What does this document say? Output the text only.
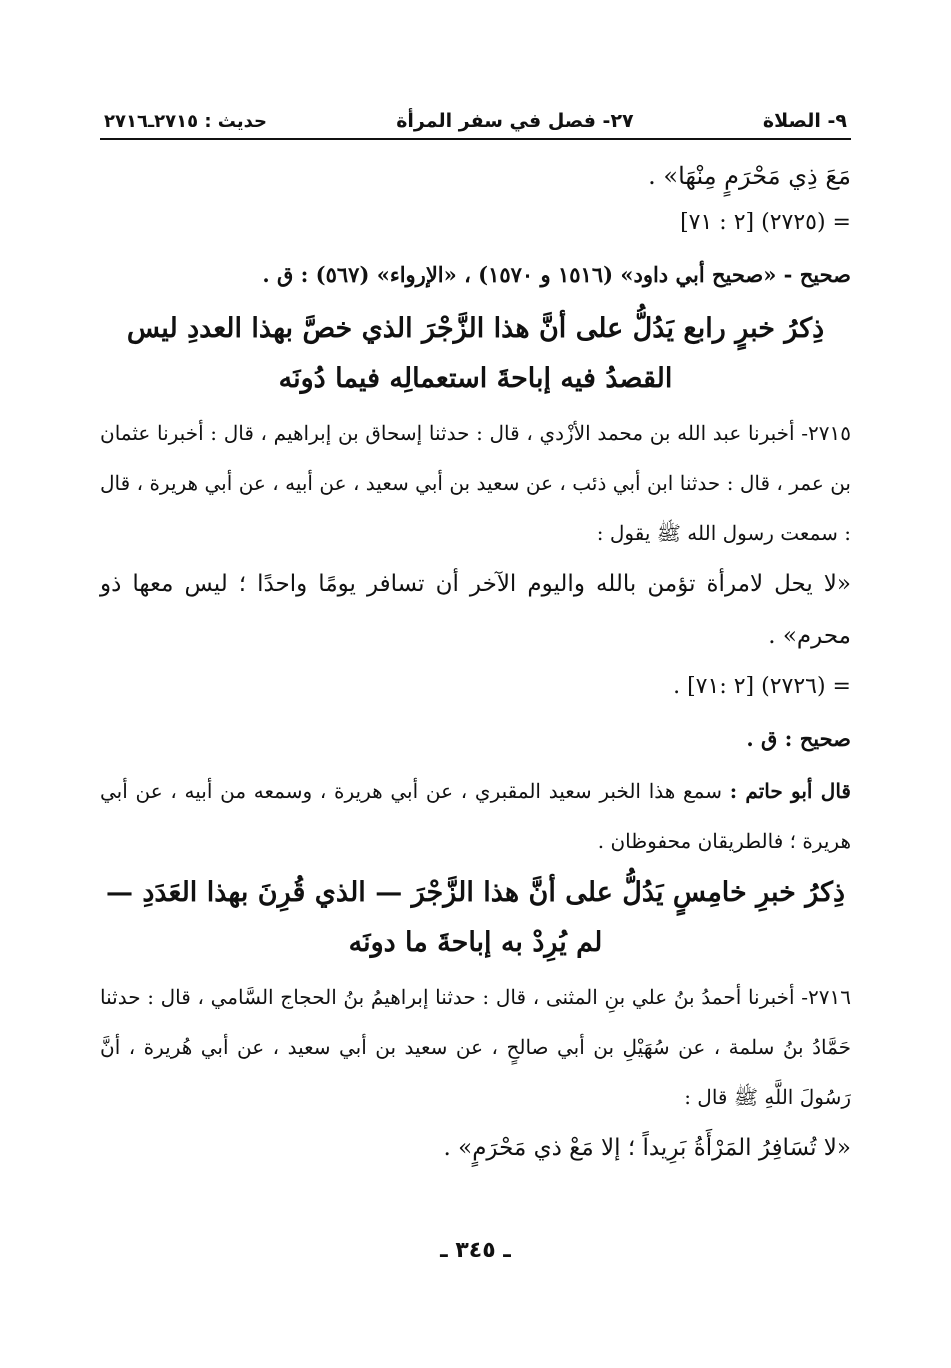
٩- الصلاة
٢٧- فصل في سفر المرأة
حديث : ٢٧١٥ـ٢٧١٦

مَعَ ذِي مَحْرَمٍ مِنْهَا» .

= (٢٧٢٥) [٢ : ٧١]

صحيح - «صحيح أبي داود» (١٥١٦ و ١٥٧٠) ، «الإرواء» (٥٦٧) : ق .

ذِكرُ خبرٍ رابع يَدُلُّ على أنَّ هذا الزَّجْرَ الذي خصَّ بهذا العددِ ليس القصدُ فيه إباحةَ استعمالِه فيما دُونَه

٢٧١٥- أخبرنا عبد الله بن محمد الأزْدي ، قال : حدثنا إسحاق بن إبراهيم ، قال : أخبرنا عثمان بن عمر ، قال : حدثنا ابن أبي ذئب ، عن سعيد بن أبي سعيد ، عن أبيه ، عن أبي هريرة ، قال : سمعت رسول الله ﷺ يقول :

«لا يحل لامرأة تؤمن بالله واليوم الآخر أن تسافر يومًا واحدًا ؛ ليس معها ذو محرم» .

= (٢٧٢٦) [٢ :٧١] .

صحيح : ق .

قال أبو حاتم : سمع هذا الخبر سعيد المقبري ، عن أبي هريرة ، وسمعه من أبيه ، عن أبي هريرة ؛ فالطريقان محفوظان .

ذِكرُ خبرِ خامِسٍ يَدُلُّ على أنَّ هذا الزَّجْرَ — الذي قُرِنَ بهذا العَدَدِ — لم يُرِدْ به إباحةَ ما دونَه

٢٧١٦- أخبرنا أحمدُ بنُ علي بنِ المثنى ، قال : حدثنا إبراهيمُ بنُ الحجاج السَّامي ، قال : حدثنا حَمَّادُ بنُ سلمة ، عن سُهَيْلِ بن أبي صالحٍ ، عن سعيد بن أبي سعيد ، عن أبي هُريرة ، أنَّ رَسُولَ اللَّهِ ﷺ قال :

«لا تُسَافِرُ المَرْأَةُ بَرِيداً ؛ إلا مَعْ ذي مَحْرَمٍ» .

ـ ٣٤٥ ـ
